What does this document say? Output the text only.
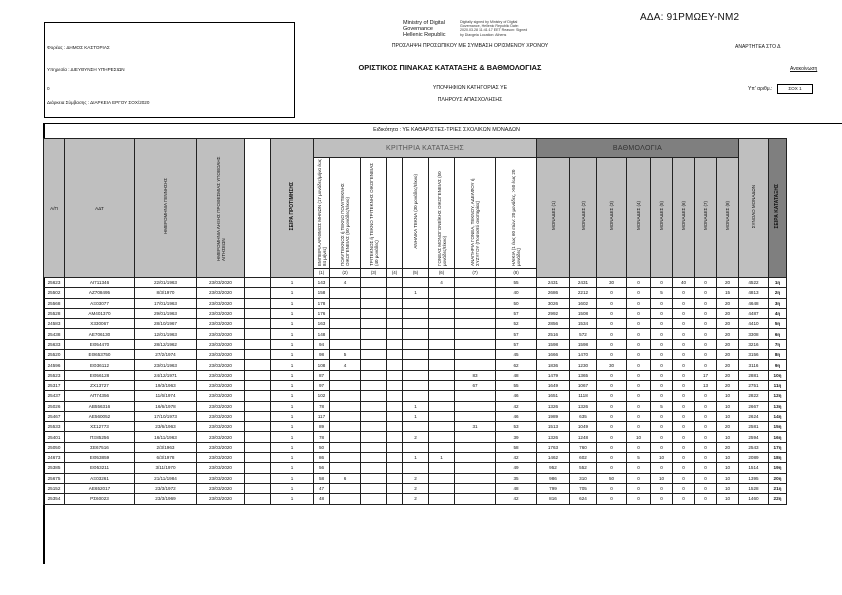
ΑΔΑ: 91ΡΜΩΕΥ-ΝΜ2
Ministry of Digital
Governance
Hellenic Republic
Digitally signed by Ministry of Digital Governance, Hellenic Republic Date: 2020.03.28 11:41:17 EET Reason: Signed by Diavgeia Location: Athens
Φορέας : ΔΗΜΟΣ ΚΑΣΤΟΡΙΑΣ
Υπηρεσία : ΔΙΕΥΘΥΝΣΗ ΥΠΗΡΕΣΙΩΝ
0
Διάρκεια Σύμβασης : ΔΙΑΡΚΕΙΑ ΕΡΓΟΥ ΣΟΧ/2020
ΠΡΟΣΛΗΨΗ ΠΡΟΣΩΠΙΚΟΥ ΜΕ ΣΥΜΒΑΣΗ ΟΡΙΣΜΕΝΟΥ ΧΡΟΝΟΥ
ΟΡΙΣΤΙΚΟΣ ΠΙΝΑΚΑΣ ΚΑΤΑΤΑΞΗΣ & ΒΑΘΜΟΛΟΓΙΑΣ
ΥΠΟΨΗΦΙΩΝ ΚΑΤΗΓΟΡΙΑΣ ΥΕ
ΠΛΗΡΟΥΣ ΑΠΑΣΧΟΛΗΣΗΣ
ΑΝΑΡΤΗΤΕΑ ΣΤΟ Δ
Ανακοίνωση
Υπ' αριθμ.:	ΣΟΧ 1
Ειδικότητα : ΥΕ ΚΑΘΑΡΙΣΤΕΣ-ΤΡΙΕΣ ΣΧΟΛΙΚΩΝ ΜΟΝΑΔΩΝ
Α/Π	ΑΔΤ	ΗΜΕΡΟΜΗΝΙΑ ΓΕΝΝΗΣΗΣ	ΗΜΕΡΟΜΗΝΙΑ ΛΗΞΗΣ ΠΡΟΘΕΣΜΙΑΣ ΥΠΟΒΟΛΗΣ ΑΙΤΗΣΕΩΝ		ΣΕΙΡΑ ΠΡΟΤΙΜΗΣΗΣ	ΚΡΙΤΗΡΙΑ ΚΑΤΑΤΑΞΗΣ								ΒΑΘΜΟΛΟΓΙΑ								ΣΥΝΟΛΟ ΜΟΝΑΔΩΝ	ΣΕΙΡΑ ΚΑΤΑΤΑΞΗΣ
						ΕΜΠΕΙΡΙΑ ΑΡΙΘΜΟΣ ΜΗΝΩΝ (17 μονάδες/μήνα έως 84 μήνες)	ΠΟΛΥΤΕΚΝΟΣ ή ΤΕΚΝΟ ΠΟΛΥΤΕΚΝΗΣ ΟΙΚΟΓΕΝΕΙΑΣ (50 μονάδες/τέκνο)	ΤΡΙΤΕΚΝΟΣ ή ΤΕΚΝΟ ΤΡΙΤΕΚΝΗΣ ΟΙΚΟΓΕΝΕΙΑΣ (40 μονάδες)		ΑΝΗΛΙΚΑ ΤΕΚΝΑ (30 μονάδες/τέκνο)	ΓΟΝΕΑΣ ΜΟΝΟΓΟΝΕΪΚΗΣ ΟΙΚΟΓΕΝΕΙΑΣ (50 μονάδες/τέκνο)	ΑΝΑΠΗΡΙΑ ΓΟΝΕΑ, ΤΕΚΝΟΥ, ΑΔΕΛΦΟΥ ή ΣΥΖΥΓΟΥ (Ποσοστό αναπηρίας)	ΗΛΙΚΙΑ (1 έως 60 ετών: 20 μονάδες, >50 έως 20 μονάδες)	ΜΟΝΑΔΕΣ (1)	ΜΟΝΑΔΕΣ (2)	ΜΟΝΑΔΕΣ (3)	ΜΟΝΑΔΕΣ (4)	ΜΟΝΑΔΕΣ (5)	ΜΟΝΑΔΕΣ (6)	ΜΟΝΑΔΕΣ (7)	ΜΟΝΑΔΕΣ (8)		
						(1)	(2)	(3)	(4)	(5)	(6)	(7)	(8)										
25623	ΑΙ711346	22/01/1963	23/03/2020		1	143	4				4		55	2431	2431	30	0	0	40	0	20	4522	1η
25502	ΑΖ708495	8/3/1970	23/03/2020		1	158				1			40	2686	2212	0	0	5	0	0	15	4813	2η
25568	ΑΞ03077	17/01/1963	23/03/2020		1	178							50	3026	1602	0	0	0	0	0	20	4648	3η
25528	ΑΜ401370	29/01/1963	23/03/2020		1	176							57	2992	1508	0	0	0	0	0	20	4487	4η
24583	Χ330067	28/10/1967	23/03/2020		1	163							52	2856	1534	0	0	0	0	0	20	4410	5η
25438	ΑΕ706130	12/01/1963	23/03/2020		1	148							57	2516	572	0	0	0	0	0	20	3308	6η
25633	ΕΘ54470	28/12/1962	23/03/2020		1	94							57	1598	1598	0	0	0	0	0	20	3216	7η
25520	ΕΘ653750	27/2/1974	23/03/2020		1	98	5						45	1666	1470	0	0	0	0	0	20	3156	8η
24596	ΕΘ36112	23/01/1963	23/03/2020		1	108	4						62	1836	1230	30	0	0	0	0	20	3116	9η
25523	ΕΘ56128	24/12/1971	23/03/2020		1	87						83	48	1479	1365	0	0	0	0	17	20	2881	10η
25317	ΖΧ13727	19/3/1963	23/03/2020		1	97						67	55	1649	1067	0	0	0	0	13	20	2751	11η
25437	ΑΠ74356	11/6/1974	23/03/2020		1	102							46	1651	1118	0	0	0	0	0	10	2822	12η
25026	ΑΒ556316	16/6/1978	23/03/2020		1	78				1			42	1326	1326	0	0	5	0	0	10	2667	13η
25467	ΑΕ560052	17/10/1973	23/03/2020		1	117				1			46	1989	635	0	0	0	0	0	10	2624	14η
25533	ΧΣ12773	23/6/1963	23/03/2020		1	89						31	53	1513	1049	0	0	0	0	0	20	2581	15η
25401	ΠΞ85256	16/11/1963	23/03/2020		1	78				2			39	1326	1248	0	10	0	0	0	10	2594	16η
25050	ΣΕ67516	2/3/1963	23/03/2020		1	50							58	1763	760	0	0	0	0	0	20	2543	17η
24673	ΕΘ53859	6/3/1978	23/03/2020		1	86				1	1		42	1462	602	0	5	10	0	0	10	2089	18η
25385	ΕΘ53211	3/11/1970	23/03/2020		1	56							49	952	552	0	0	0	0	0	10	1514	19η
25675	ΑΞ03261	21/11/1984	23/03/2020		1	58	6			2			35	986	310	50	0	10	0	0	10	1395	20η
25152	ΑΕ652017	23/3/1972	23/03/2020		1	47				2			48	799	705	0	0	0	0	0	10	1528	21η
25354	ΡΣ60023	23/3/1969	23/03/2020		1	48				2			42	816	624	0	0	0	0	0	10	1460	22η
